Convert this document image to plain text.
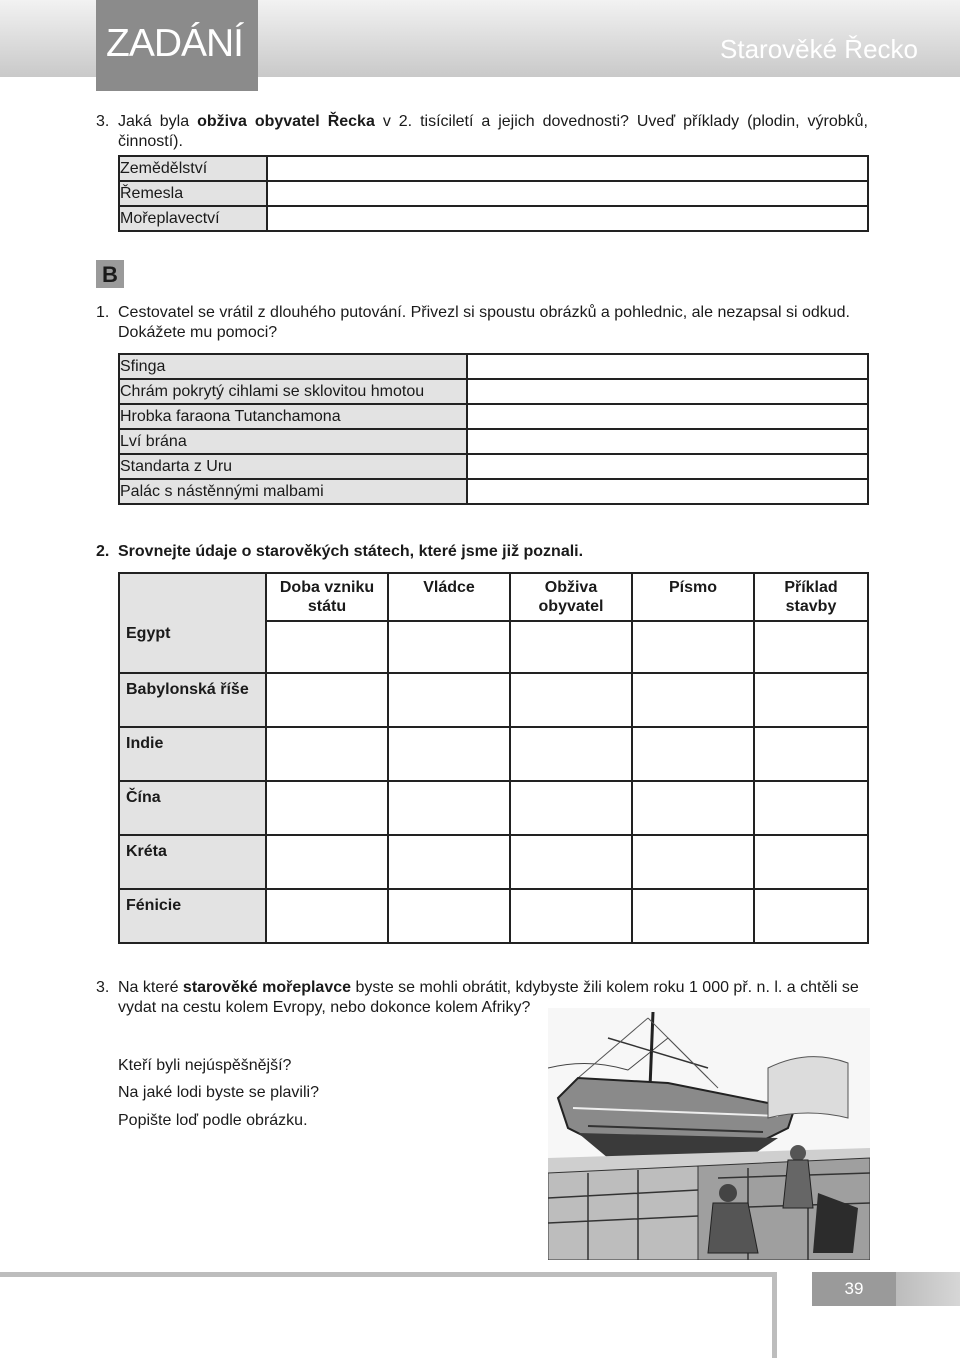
ZADÁNÍ	Starověké Řecko
3. Jaká byla obživa obyvatel Řecka v 2. tisíciletí a jejich dovednosti? Uveď příklady (plodin, výrobků, činností).
Zemědělství	
Řemesla	
Mořeplavectví	
B
1. Cestovatel se vrátil z dlouhého putování. Přivezl si spoustu obrázků a pohlednic, ale nezapsal si odkud. Dokážete mu pomoci?
Sfinga	
Chrám pokrytý cihlami se sklovitou hmotou	
Hrobka faraona Tutanchamona	
Lví brána	
Standarta z Uru	
Palác s nástěnnými malbami	
2. Srovnejte údaje o starověkých státech, které jsme již poznali.
	Doba vzniku státu	Vládce	Obživa obyvatel	Písmo	Příklad stavby
Egypt					
Babylonská říše					
Indie					
Čína					
Kréta					
Fénicie					
3. Na které starověké mořeplavce byste se mohli obrátit, kdybyste žili kolem roku 1 000 př. n. l. a chtěli se vydat na cestu kolem Evropy, nebo dokonce kolem Afriky?
Kteří byli nejúspěšnější?
Na jaké lodi byste se plavili?
Popište loď podle obrázku.
39
